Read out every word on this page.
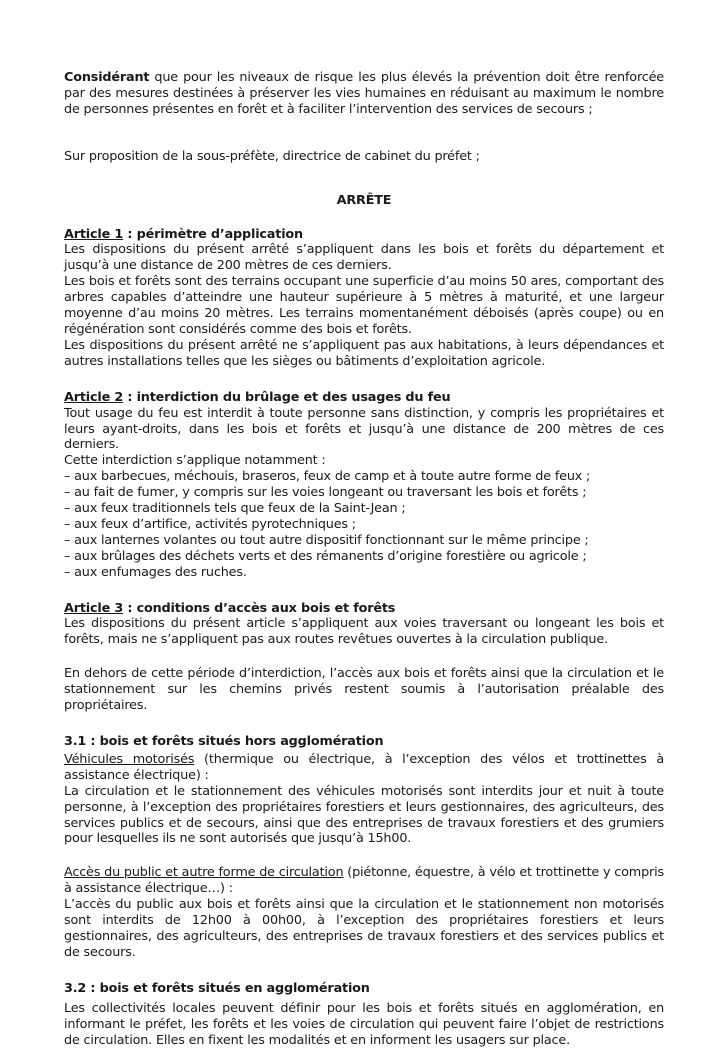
Considérant que pour les niveaux de risque les plus élevés la prévention doit être renforcée par des mesures destinées à préserver les vies humaines en réduisant au maximum le nombre de personnes présentes en forêt et à faciliter l’intervention des services de secours ;

Sur proposition de la sous-préfète, directrice de cabinet du préfet ;

ARRÊTE

Article 1 : périmètre d’application

Les dispositions du présent arrêté s’appliquent dans les bois et forêts du département et jusqu’à une distance de 200 mètres de ces derniers.

Les bois et forêts sont des terrains occupant une superficie d’au moins 50 ares, comportant des arbres capables d’atteindre une hauteur supérieure à 5 mètres à maturité, et une largeur moyenne d’au moins 20 mètres. Les terrains momentanément déboisés (après coupe) ou en régénération sont considérés comme des bois et forêts.

Les dispositions du présent arrêté ne s’appliquent pas aux habitations, à leurs dépendances et autres installations telles que les sièges ou bâtiments d’exploitation agricole.

Article 2 : interdiction du brûlage et des usages du feu

Tout usage du feu est interdit à toute personne sans distinction, y compris les propriétaires et leurs ayant-droits, dans les bois et forêts et jusqu’à une distance de 200 mètres de ces derniers.

Cette interdiction s’applique notamment :

– aux barbecues, méchouis, braseros, feux de camp et à toute autre forme de feux ;

– au fait de fumer, y compris sur les voies longeant ou traversant les bois et forêts ;

– aux feux traditionnels tels que feux de la Saint-Jean ;

– aux feux d’artifice, activités pyrotechniques ;

– aux lanternes volantes ou tout autre dispositif fonctionnant sur le même principe ;

– aux brûlages des déchets verts et des rémanents d’origine forestière ou agricole ;

– aux enfumages des ruches.

Article 3 : conditions d’accès aux bois et forêts

Les dispositions du présent article s’appliquent aux voies traversant ou longeant les bois et forêts, mais ne s’appliquent pas aux routes revêtues ouvertes à la circulation publique.

En dehors de cette période d’interdiction, l’accès aux bois et forêts ainsi que la circulation et le stationnement sur les chemins privés restent soumis à l’autorisation préalable des propriétaires.

3.1 : bois et forêts situés hors agglomération

Véhicules motorisés (thermique ou électrique, à l’exception des vélos et trottinettes à assistance électrique) :

La circulation et le stationnement des véhicules motorisés sont interdits jour et nuit à toute personne, à l’exception des propriétaires forestiers et leurs gestionnaires, des agriculteurs, des services publics et de secours, ainsi que des entreprises de travaux forestiers et des grumiers pour lesquelles ils ne sont autorisés que jusqu’à 15h00.

Accès du public et autre forme de circulation (piétonne, équestre, à vélo et trottinette y compris à assistance électrique…) :

L’accès du public aux bois et forêts ainsi que la circulation et le stationnement non motorisés sont interdits de 12h00 à 00h00, à l’exception des propriétaires forestiers et leurs gestionnaires, des agriculteurs, des entreprises de travaux forestiers et des services publics et de secours.

3.2 : bois et forêts situés en agglomération

Les collectivités locales peuvent définir pour les bois et forêts situés en agglomération, en informant le préfet, les forêts et les voies de circulation qui peuvent faire l’objet de restrictions de circulation. Elles en fixent les modalités et en informent les usagers sur place.
